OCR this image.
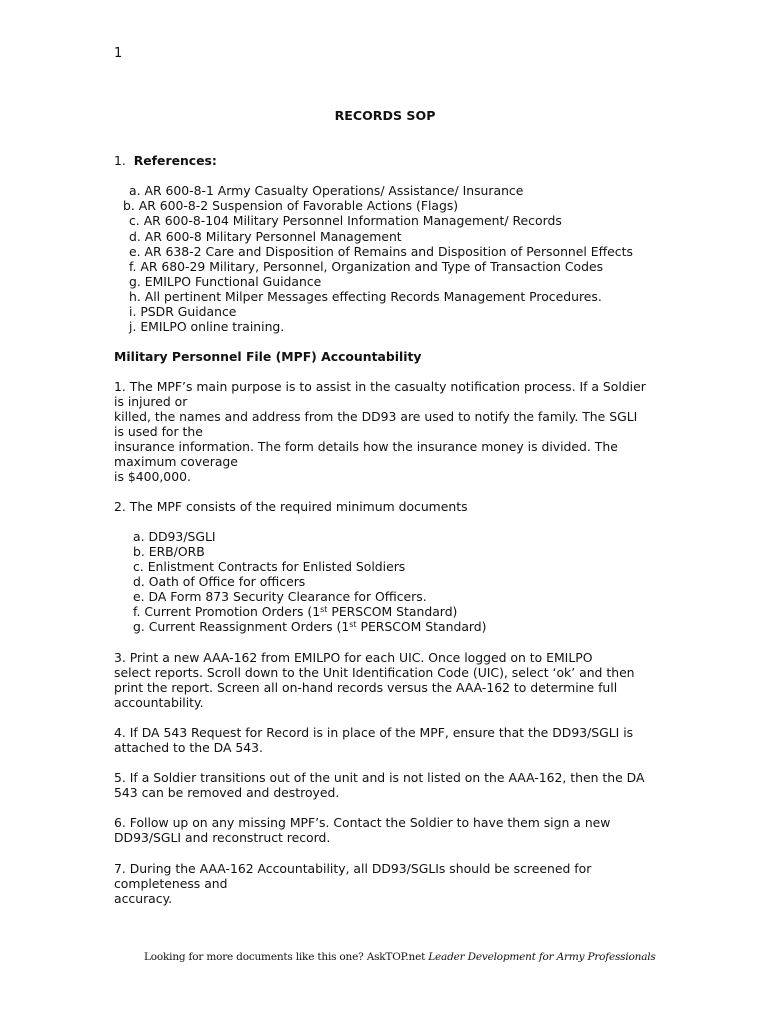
1
RECORDS SOP
1. References:
a. AR 600-8-1 Army Casualty Operations/ Assistance/ Insurance
b. AR 600-8-2 Suspension of Favorable Actions (Flags)
c. AR 600-8-104 Military Personnel Information Management/ Records
d. AR 600-8 Military Personnel Management
e. AR 638-2 Care and Disposition of Remains and Disposition of Personnel Effects
f. AR 680-29 Military, Personnel, Organization and Type of Transaction Codes
g. EMILPO Functional Guidance
h. All pertinent Milper Messages effecting Records Management Procedures.
i. PSDR Guidance
j. EMILPO online training.
Military Personnel File (MPF) Accountability
1. The MPF’s main purpose is to assist in the casualty notification process. If a Soldier
is injured or
killed, the names and address from the DD93 are used to notify the family. The SGLI
is used for the
insurance information. The form details how the insurance money is divided. The
maximum coverage
is $400,000.
2. The MPF consists of the required minimum documents
a. DD93/SGLI
b. ERB/ORB
c. Enlistment Contracts for Enlisted Soldiers
d. Oath of Office for officers
e. DA Form 873 Security Clearance for Officers.
f. Current Promotion Orders (1st PERSCOM Standard)
g. Current Reassignment Orders (1st PERSCOM Standard)
3. Print a new AAA-162 from EMILPO for each UIC. Once logged on to EMILPO
select reports. Scroll down to the Unit Identification Code (UIC), select ‘ok’ and then
print the report. Screen all on-hand records versus the AAA-162 to determine full
accountability.
4. If DA 543 Request for Record is in place of the MPF, ensure that the DD93/SGLI is
attached to the DA 543.
5. If a Soldier transitions out of the unit and is not listed on the AAA-162, then the DA
543 can be removed and destroyed.
6. Follow up on any missing MPF’s. Contact the Soldier to have them sign a new
DD93/SGLI and reconstruct record.
7. During the AAA-162 Accountability, all DD93/SGLIs should be screened for
completeness and
accuracy.
Looking for more documents like this one? AskTOP.net Leader Development for Army Professionals
